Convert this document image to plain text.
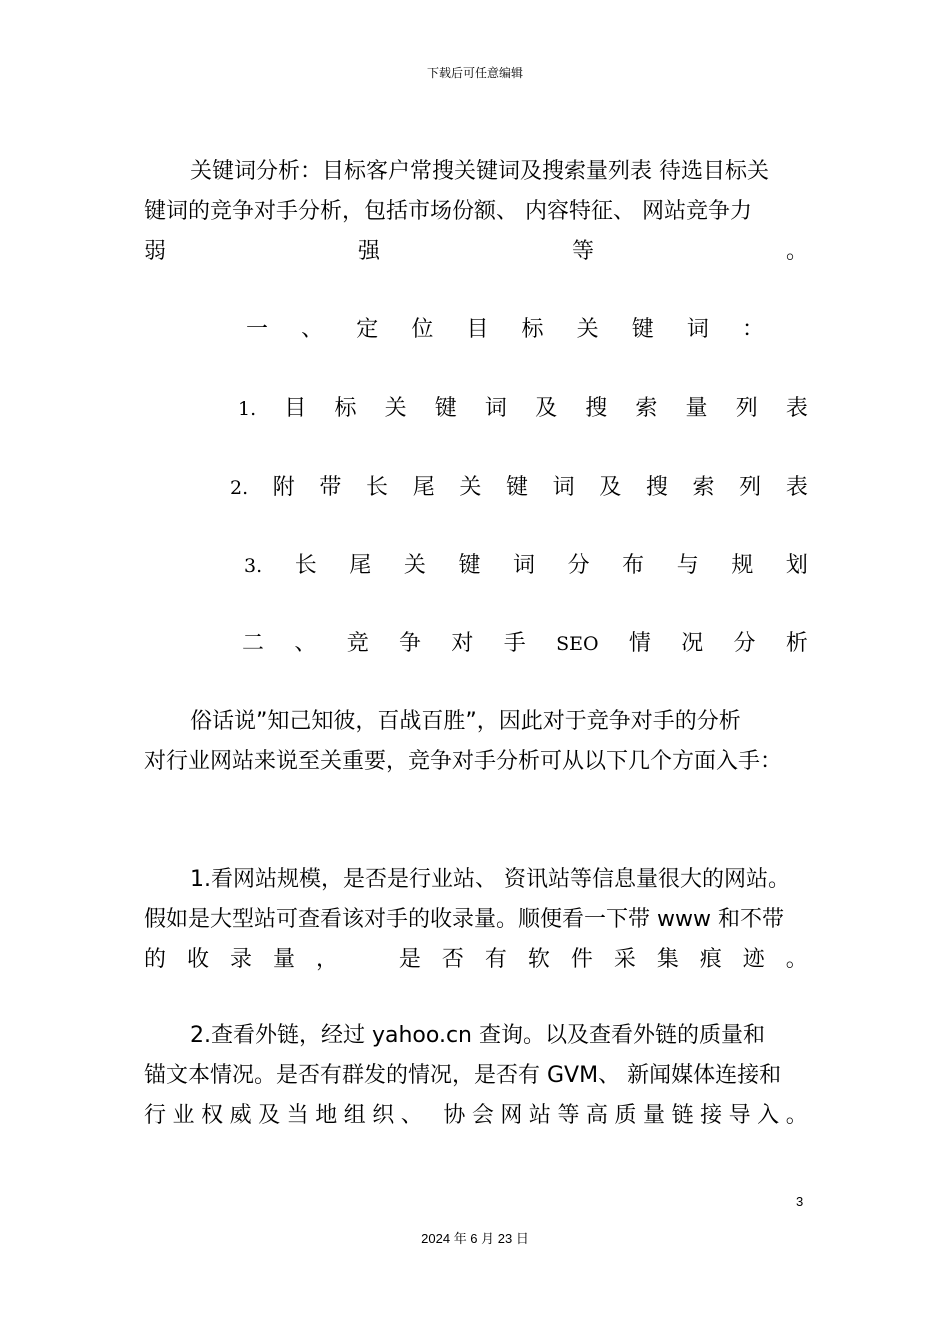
下载后可任意编辑
关键词分析：目标客户常搜关键词及搜索量列表 待选目标关
键词的竞争对手分析，包括市场份额、 内容特征、 网站竞争力
弱	强	等	。
一 、 定 位 目 标 关 键 词 ：
1. 目 标 关 键 词 及 搜 索 量 列 表
2. 附 带 长 尾 关 键 词 及 搜 索 列 表
3. 长 尾 关 键 词 分 布 与 规 划
二 、 竞 争 对 手 SEO 情 况 分 析
俗话说”知己知彼，百战百胜”，因此对于竞争对手的分析
对行业网站来说至关重要，竞争对手分析可从以下几个方面入手：
1.看网站规模，是否是行业站、 资讯站等信息量很大的网站。
假如是大型站可查看该对手的收录量。顺便看一下带 www 和不带
的 收 录 量 ，	是 否 有 软 件 采 集 痕 迹 。
2.查看外链，经过 yahoo.cn 查询。以及查看外链的质量和
锚文本情况。是否有群发的情况，是否有 GVM、 新闻媒体连接和
行 业 权 威 及 当 地 组 织 、 协 会 网 站 等 高 质 量 链 接 导 入 。
3
2024 年 6 月 23 日
